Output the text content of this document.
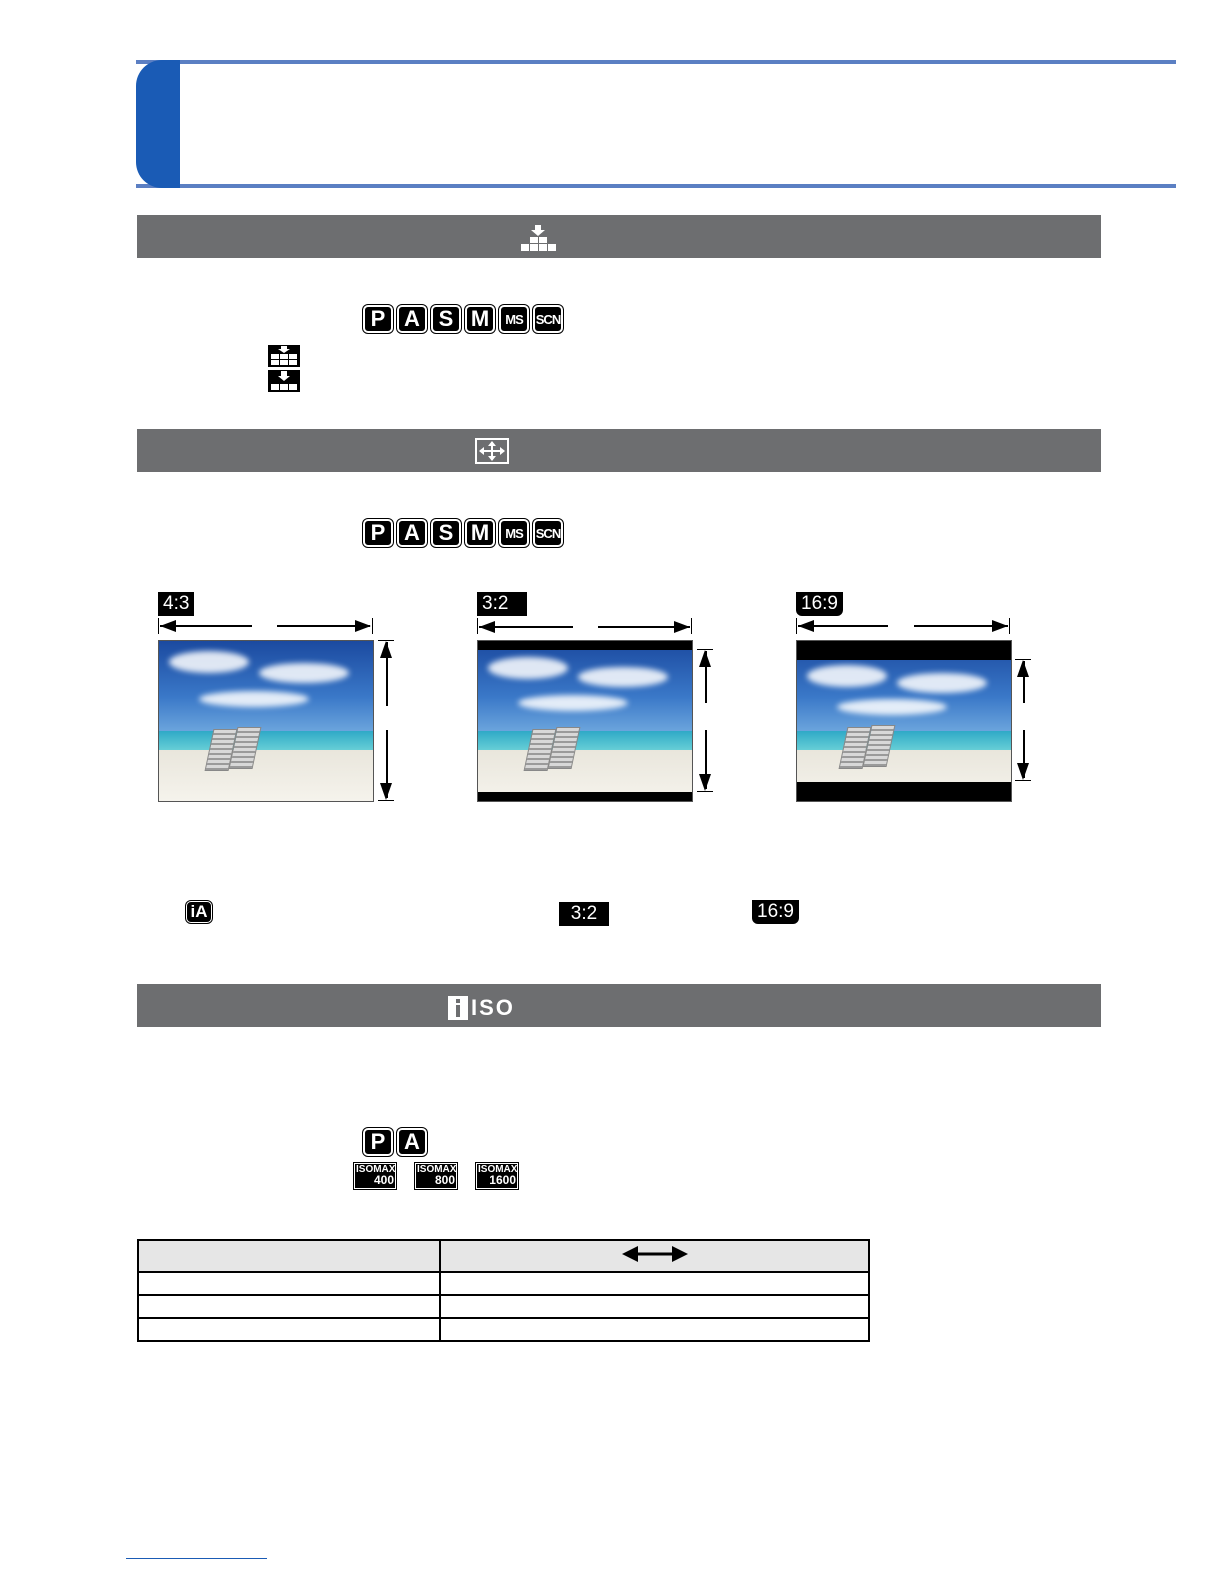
P A S M	MS	SCN
P A S M	MS	SCN
4:3	3:2	16:9
iA	3:2	16:9
ISO
P A
ISOMAX
400
ISOMAX
800
ISOMAX
1600
